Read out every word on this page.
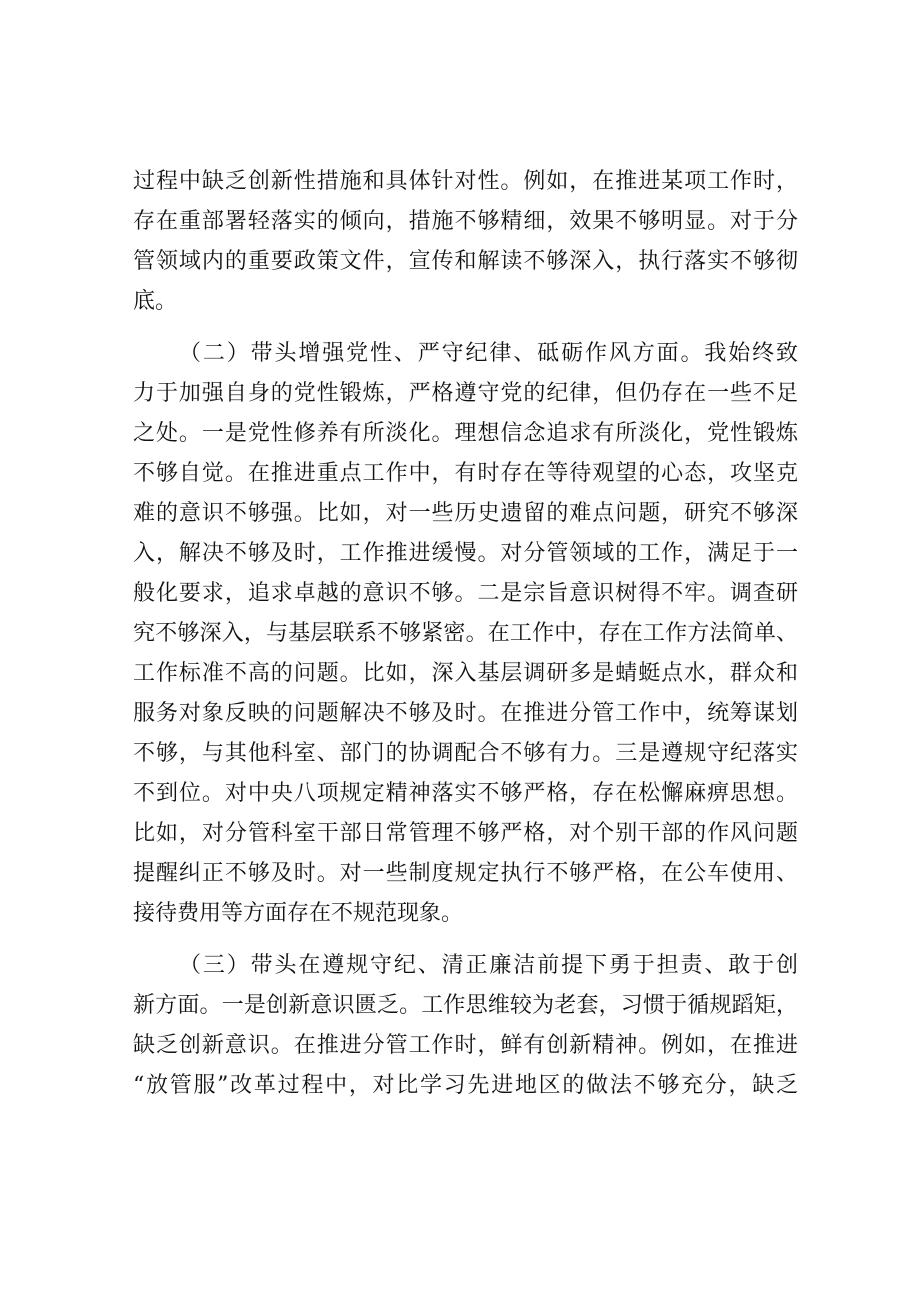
过程中缺乏创新性措施和具体针对性。例如，在推进某项工作时，
存在重部署轻落实的倾向，措施不够精细，效果不够明显。对于分
管领域内的重要政策文件，宣传和解读不够深入，执行落实不够彻
底。
（二）带头增强党性、严守纪律、砥砺作风方面。我始终致
力于加强自身的党性锻炼，严格遵守党的纪律，但仍存在一些不足
之处。一是党性修养有所淡化。理想信念追求有所淡化，党性锻炼
不够自觉。在推进重点工作中，有时存在等待观望的心态，攻坚克
难的意识不够强。比如，对一些历史遗留的难点问题，研究不够深
入，解决不够及时，工作推进缓慢。对分管领域的工作，满足于一
般化要求，追求卓越的意识不够。二是宗旨意识树得不牢。调查研
究不够深入，与基层联系不够紧密。在工作中，存在工作方法简单、
工作标准不高的问题。比如，深入基层调研多是蜻蜓点水，群众和
服务对象反映的问题解决不够及时。在推进分管工作中，统筹谋划
不够，与其他科室、部门的协调配合不够有力。三是遵规守纪落实
不到位。对中央八项规定精神落实不够严格，存在松懈麻痹思想。
比如，对分管科室干部日常管理不够严格，对个别干部的作风问题
提醒纠正不够及时。对一些制度规定执行不够严格，在公车使用、
接待费用等方面存在不规范现象。
（三）带头在遵规守纪、清正廉洁前提下勇于担责、敢于创
新方面。一是创新意识匮乏。工作思维较为老套，习惯于循规蹈矩，
缺乏创新意识。在推进分管工作时，鲜有创新精神。例如，在推进
“放管服”改革过程中，对比学习先进地区的做法不够充分，缺乏
